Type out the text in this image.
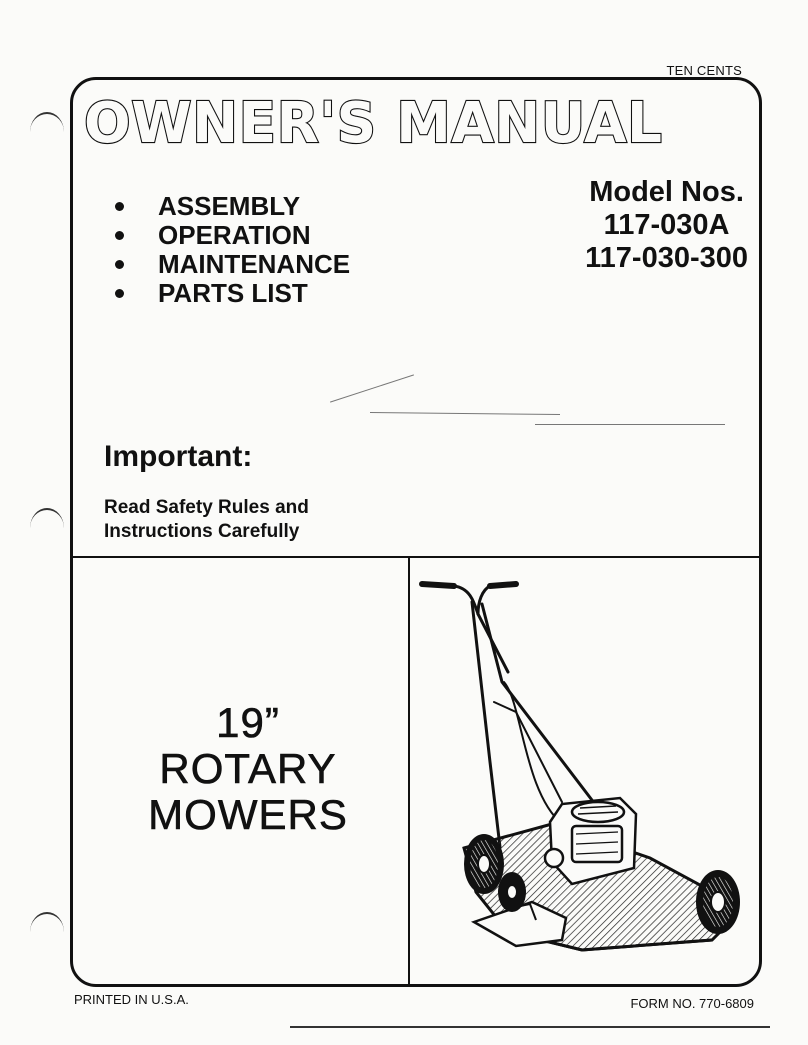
TEN CENTS
OWNER'S MANUAL
ASSEMBLY
OPERATION
MAINTENANCE
PARTS LIST
Model Nos.
117-030A
117-030-300
Important:
Read Safety Rules and
Instructions Carefully
19”
ROTARY
MOWERS
PRINTED IN U.S.A.	FORM NO. 770-6809
